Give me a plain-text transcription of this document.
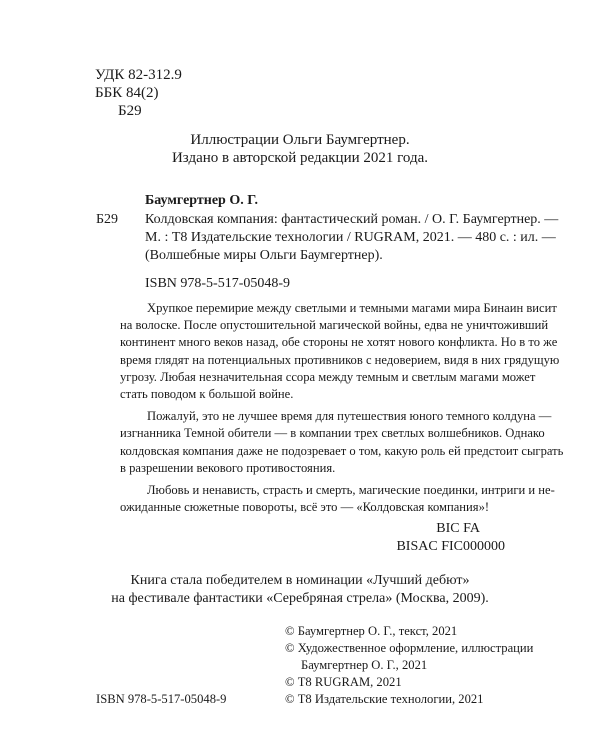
УДК 82-312.9
ББК 84(2)
Б29
Иллюстрации Ольги Баумгертнер.
Издано в авторской редакции 2021 года.
Баумгертнер О. Г.
Б29 Колдовская компания: фантастический роман. / О. Г. Баумгертнер. —
М. : Т8 Издательские технологии / RUGRAM, 2021. — 480 с. : ил. —
(Волшебные миры Ольги Баумгертнер).
ISBN 978-5-517-05048-9

Хрупкое перемирие между светлыми и темными магами мира Бинаин висит

на волоске. После опустошительной магической войны, едва не уничтоживший

континент много веков назад, обе стороны не хотят нового конфликта. Но в то же

время глядят на потенциальных противников с недоверием, видя в них грядущую

угрозу. Любая незначительная ссора между темным и светлым магами может

стать поводом к большой войне.

Пожалуй, это не лучшее время для путешествия юного темного колдуна —

изгнанника Темной обители — в компании трех светлых волшебников. Однако

колдовская компания даже не подозревает о том, какую роль ей предстоит сыграть

в разрешении векового противостояния.

Любовь и ненависть, страсть и смерть, магические поединки, интриги и не-

ожиданные сюжетные повороты, всё это — «Колдовская компания»!

BIC FA
BISAC FIC000000
Книга стала победителем в номинации «Лучший дебют»
на фестивале фантастики «Серебряная стрела» (Москва, 2009).
© Баумгертнер О. Г., текст, 2021
© Художественное оформление, иллюстрации
Баумгертнер О. Г., 2021
© Т8 RUGRAM, 2021
ISBN 978-5-517-05048-9	© Т8 Издательские технологии, 2021
